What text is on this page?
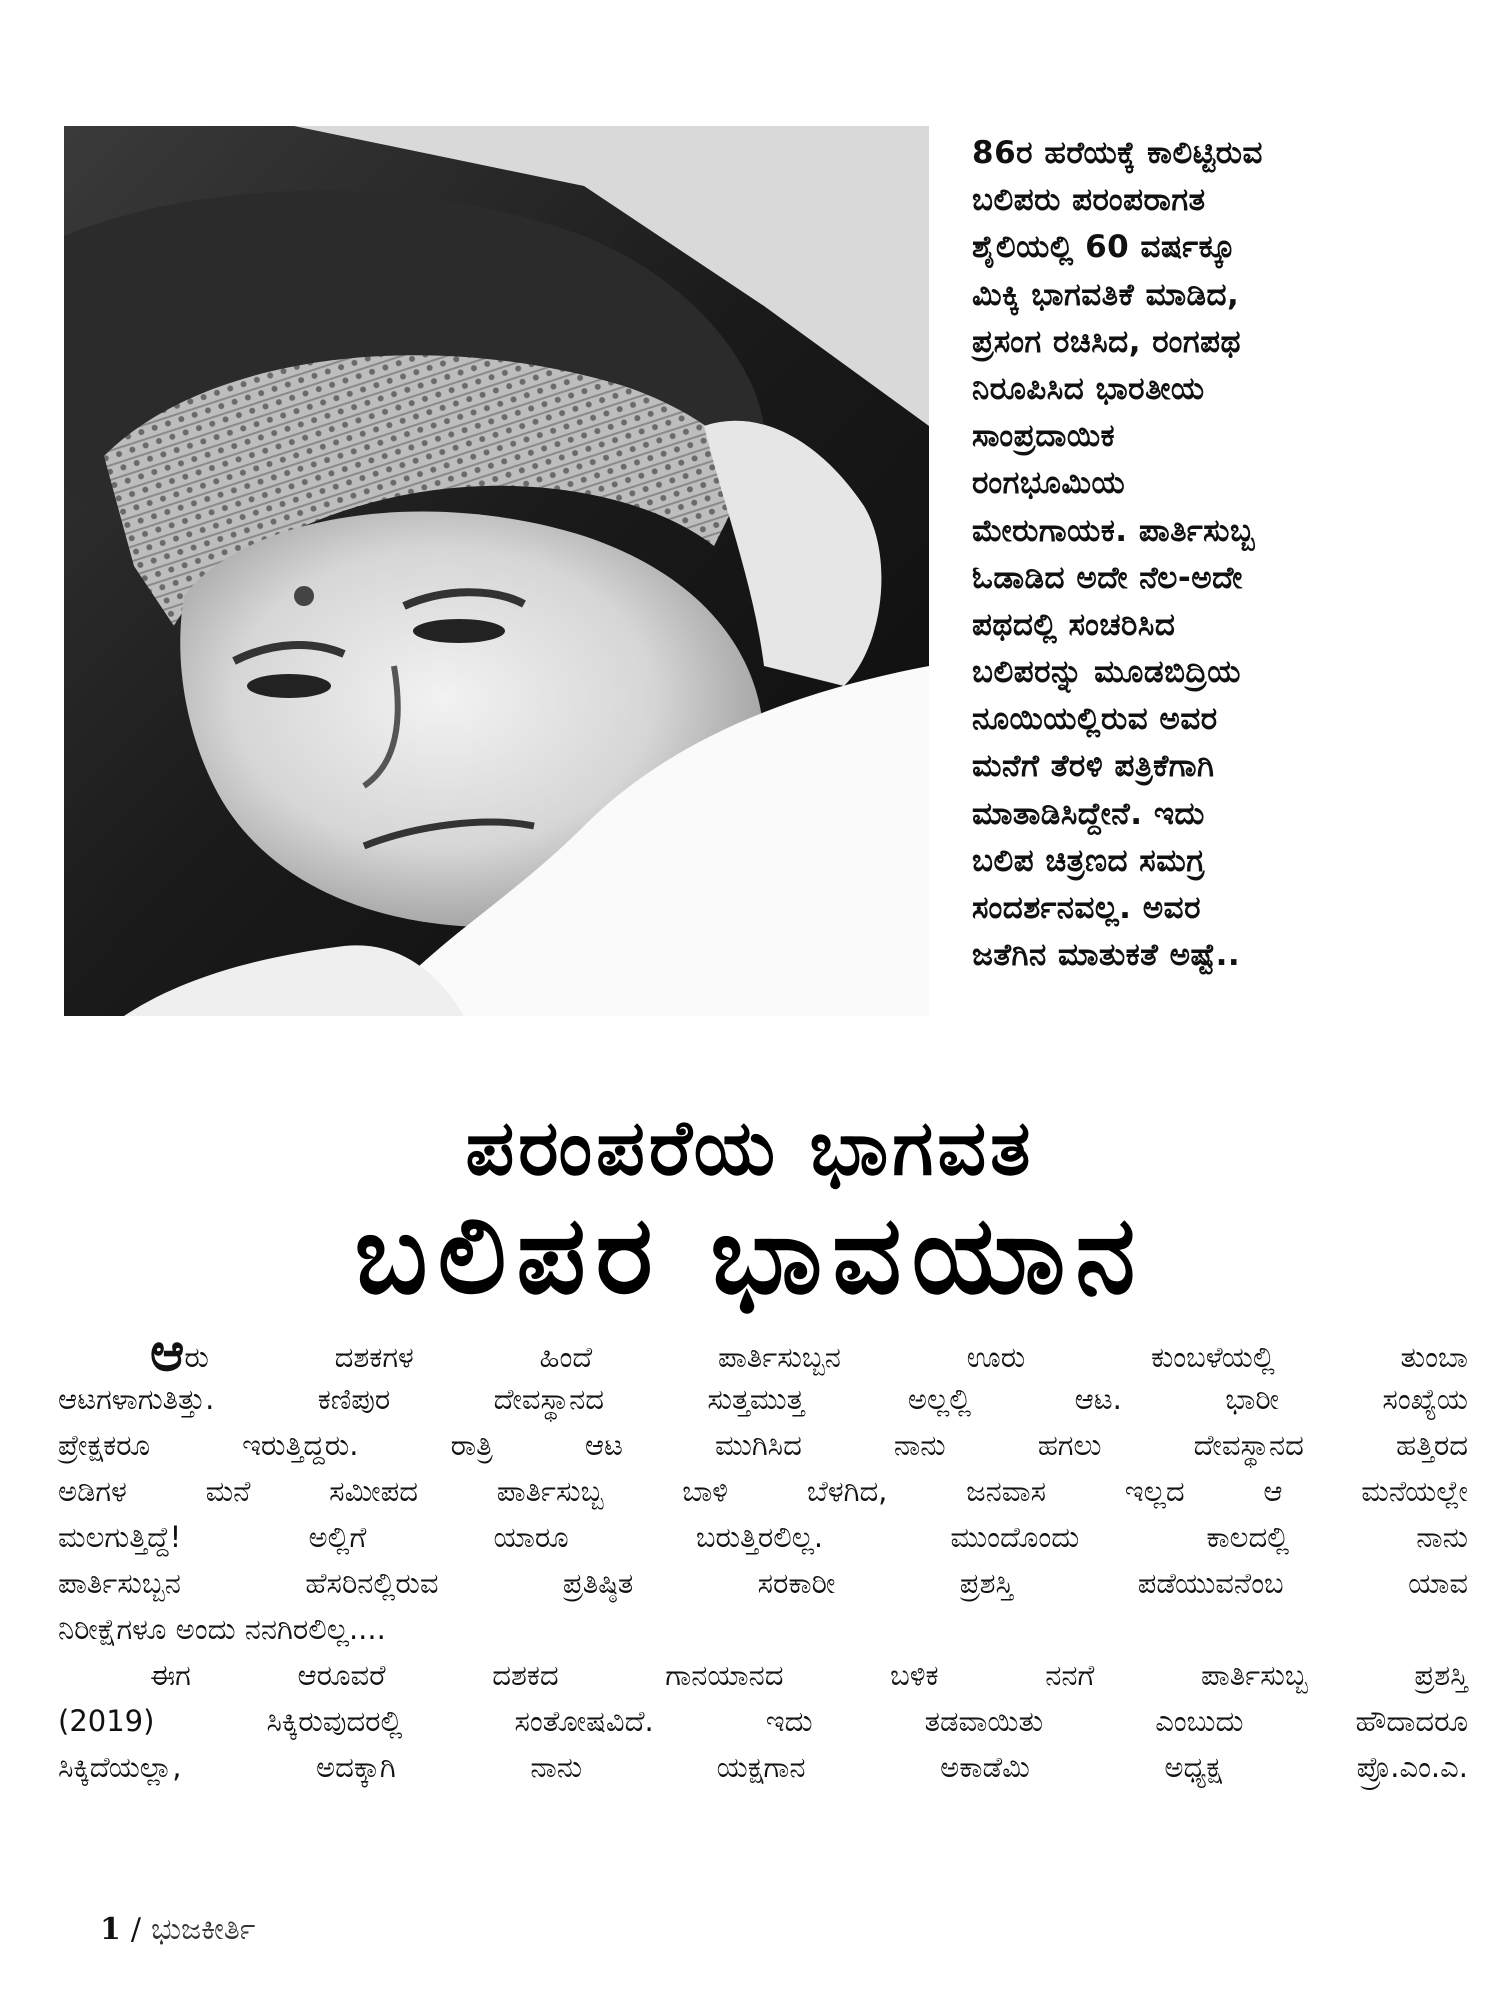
86ರ ಹರೆಯಕ್ಕೆ ಕಾಲಿಟ್ಟಿರುವ
ಬಲಿಪರು ಪರಂಪರಾಗತ
ಶೈಲಿಯಲ್ಲಿ 60 ವರ್ಷಕ್ಕೂ
ಮಿಕ್ಕಿ ಭಾಗವತಿಕೆ ಮಾಡಿದ,
ಪ್ರಸಂಗ ರಚಿಸಿದ, ರಂಗಪಥ
ನಿರೂಪಿಸಿದ ಭಾರತೀಯ
ಸಾಂಪ್ರದಾಯಿಕ
ರಂಗಭೂಮಿಯ
ಮೇರುಗಾಯಕ. ಪಾರ್ತಿಸುಬ್ಬ
ಓಡಾಡಿದ ಅದೇ ನೆಲ-ಅದೇ
ಪಥದಲ್ಲಿ ಸಂಚರಿಸಿದ
ಬಲಿಪರನ್ನು ಮೂಡಬಿದ್ರಿಯ
ನೂಯಿಯಲ್ಲಿರುವ ಅವರ
ಮನೆಗೆ ತೆರಳಿ ಪತ್ರಿಕೆಗಾಗಿ
ಮಾತಾಡಿಸಿದ್ದೇನೆ. ಇದು
ಬಲಿಪ ಚಿತ್ರಣದ ಸಮಗ್ರ
ಸಂದರ್ಶನವಲ್ಲ. ಅವರ
ಜತೆಗಿನ ಮಾತುಕತೆ ಅಷ್ಟೆ..
ಪರಂಪರೆಯ ಭಾಗವತ
ಬಲಿಪರ ಭಾವಯಾನ
ಆರು ದಶಕಗಳ ಹಿಂದೆ ಪಾರ್ತಿಸುಬ್ಬನ ಊರು ಕುಂಬಳೆಯಲ್ಲಿ ತುಂಬಾ
ಆಟಗಳಾಗುತಿತ್ತು. ಕಣಿಪುರ ದೇವಸ್ಥಾನದ ಸುತ್ತಮುತ್ತ ಅಲ್ಲಲ್ಲಿ ಆಟ. ಭಾರೀ ಸಂಖ್ಯೆಯ
ಪ್ರೇಕ್ಷಕರೂ ಇರುತ್ತಿದ್ದರು. ರಾತ್ರಿ ಆಟ ಮುಗಿಸಿದ ನಾನು ಹಗಲು ದೇವಸ್ಥಾನದ ಹತ್ತಿರದ
ಅಡಿಗಳ ಮನೆ ಸಮೀಪದ ಪಾರ್ತಿಸುಬ್ಬ ಬಾಳಿ ಬೆಳಗಿದ, ಜನವಾಸ ಇಲ್ಲದ ಆ ಮನೆಯಲ್ಲೇ
ಮಲಗುತ್ತಿದ್ದೆ! ಅಲ್ಲಿಗೆ ಯಾರೂ ಬರುತ್ತಿರಲಿಲ್ಲ. ಮುಂದೊಂದು ಕಾಲದಲ್ಲಿ ನಾನು
ಪಾರ್ತಿಸುಬ್ಬನ ಹೆಸರಿನಲ್ಲಿರುವ ಪ್ರತಿಷ್ಠಿತ ಸರಕಾರೀ ಪ್ರಶಸ್ತಿ ಪಡೆಯುವನೆಂಬ ಯಾವ
ನಿರೀಕ್ಷೆಗಳೂ ಅಂದು ನನಗಿರಲಿಲ್ಲ....
ಈಗ ಆರೂವರೆ ದಶಕದ ಗಾನಯಾನದ ಬಳಿಕ ನನಗೆ ಪಾರ್ತಿಸುಬ್ಬ ಪ್ರಶಸ್ತಿ
(2019) ಸಿಕ್ಕಿರುವುದರಲ್ಲಿ ಸಂತೋಷವಿದೆ. ಇದು ತಡವಾಯಿತು ಎಂಬುದು ಹೌದಾದರೂ
ಸಿಕ್ಕಿದೆಯಲ್ಲಾ, ಅದಕ್ಕಾಗಿ ನಾನು ಯಕ್ಷಗಾನ ಅಕಾಡೆಮಿ ಅಧ್ಯಕ್ಷ ಪ್ರೊ.ಎಂ.ಎ.
1 / ಭುಜಕೀರ್ತಿ
